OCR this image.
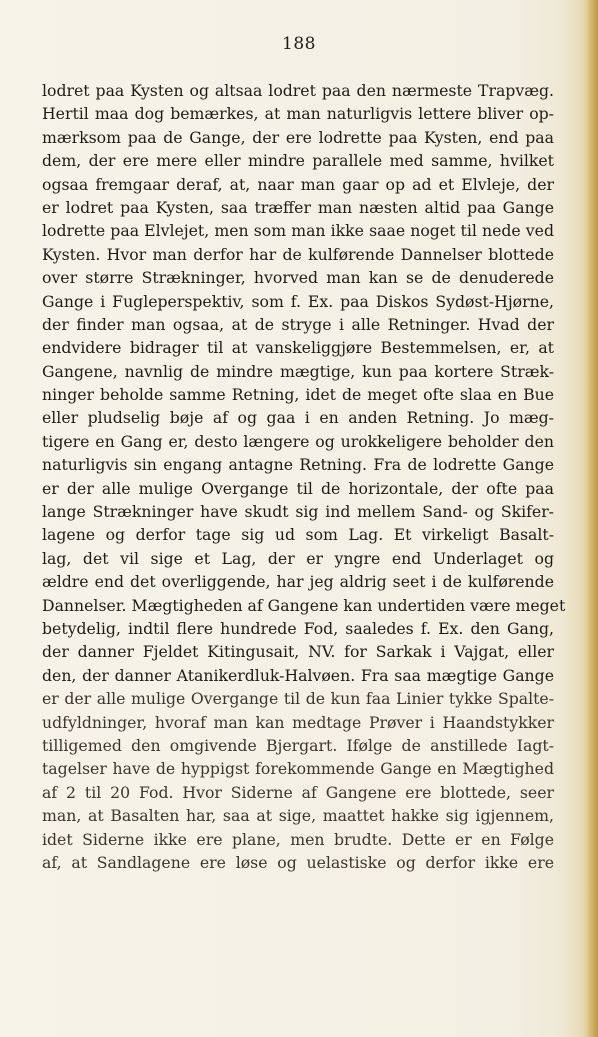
188
lodret paa Kysten og altsaa lodret paa den nærmeste Trapvæg.
Hertil maa dog bemærkes, at man naturligvis lettere bliver op-
mærksom paa de Gange, der ere lodrette paa Kysten, end paa
dem, der ere mere eller mindre parallele med samme, hvilket
ogsaa fremgaar deraf, at, naar man gaar op ad et Elvleje, der
er lodret paa Kysten, saa træffer man næsten altid paa Gange
lodrette paa Elvlejet, men som man ikke saae noget til nede ved
Kysten. Hvor man derfor har de kulførende Dannelser blottede
over større Strækninger, hvorved man kan se de denuderede
Gange i Fugleperspektiv, som f. Ex. paa Diskos Sydøst-Hjørne,
der finder man ogsaa, at de stryge i alle Retninger. Hvad der
endvidere bidrager til at vanskeliggjøre Bestemmelsen, er, at
Gangene, navnlig de mindre mægtige, kun paa kortere Stræk-
ninger beholde samme Retning, idet de meget ofte slaa en Bue
eller pludselig bøje af og gaa i en anden Retning. Jo mæg-
tigere en Gang er, desto længere og urokkeligere beholder den
naturligvis sin engang antagne Retning. Fra de lodrette Gange
er der alle mulige Overgange til de horizontale, der ofte paa
lange Strækninger have skudt sig ind mellem Sand- og Skifer-
lagene og derfor tage sig ud som Lag. Et virkeligt Basalt-
lag, det vil sige et Lag, der er yngre end Underlaget og
ældre end det overliggende, har jeg aldrig seet i de kulførende
Dannelser. Mægtigheden af Gangene kan undertiden være meget
betydelig, indtil flere hundrede Fod, saaledes f. Ex. den Gang,
der danner Fjeldet Kitingusait, NV. for Sarkak i Vajgat, eller
den, der danner Atanikerdluk-Halvøen. Fra saa mægtige Gange
er der alle mulige Overgange til de kun faa Linier tykke Spalte-
udfyldninger, hvoraf man kan medtage Prøver i Haandstykker
tilligemed den omgivende Bjergart. Ifølge de anstillede Iagt-
tagelser have de hyppigst forekommende Gange en Mægtighed
af 2 til 20 Fod. Hvor Siderne af Gangene ere blottede, seer
man, at Basalten har, saa at sige, maattet hakke sig igjennem,
idet Siderne ikke ere plane, men brudte. Dette er en Følge
af, at Sandlagene ere løse og uelastiske og derfor ikke ere
